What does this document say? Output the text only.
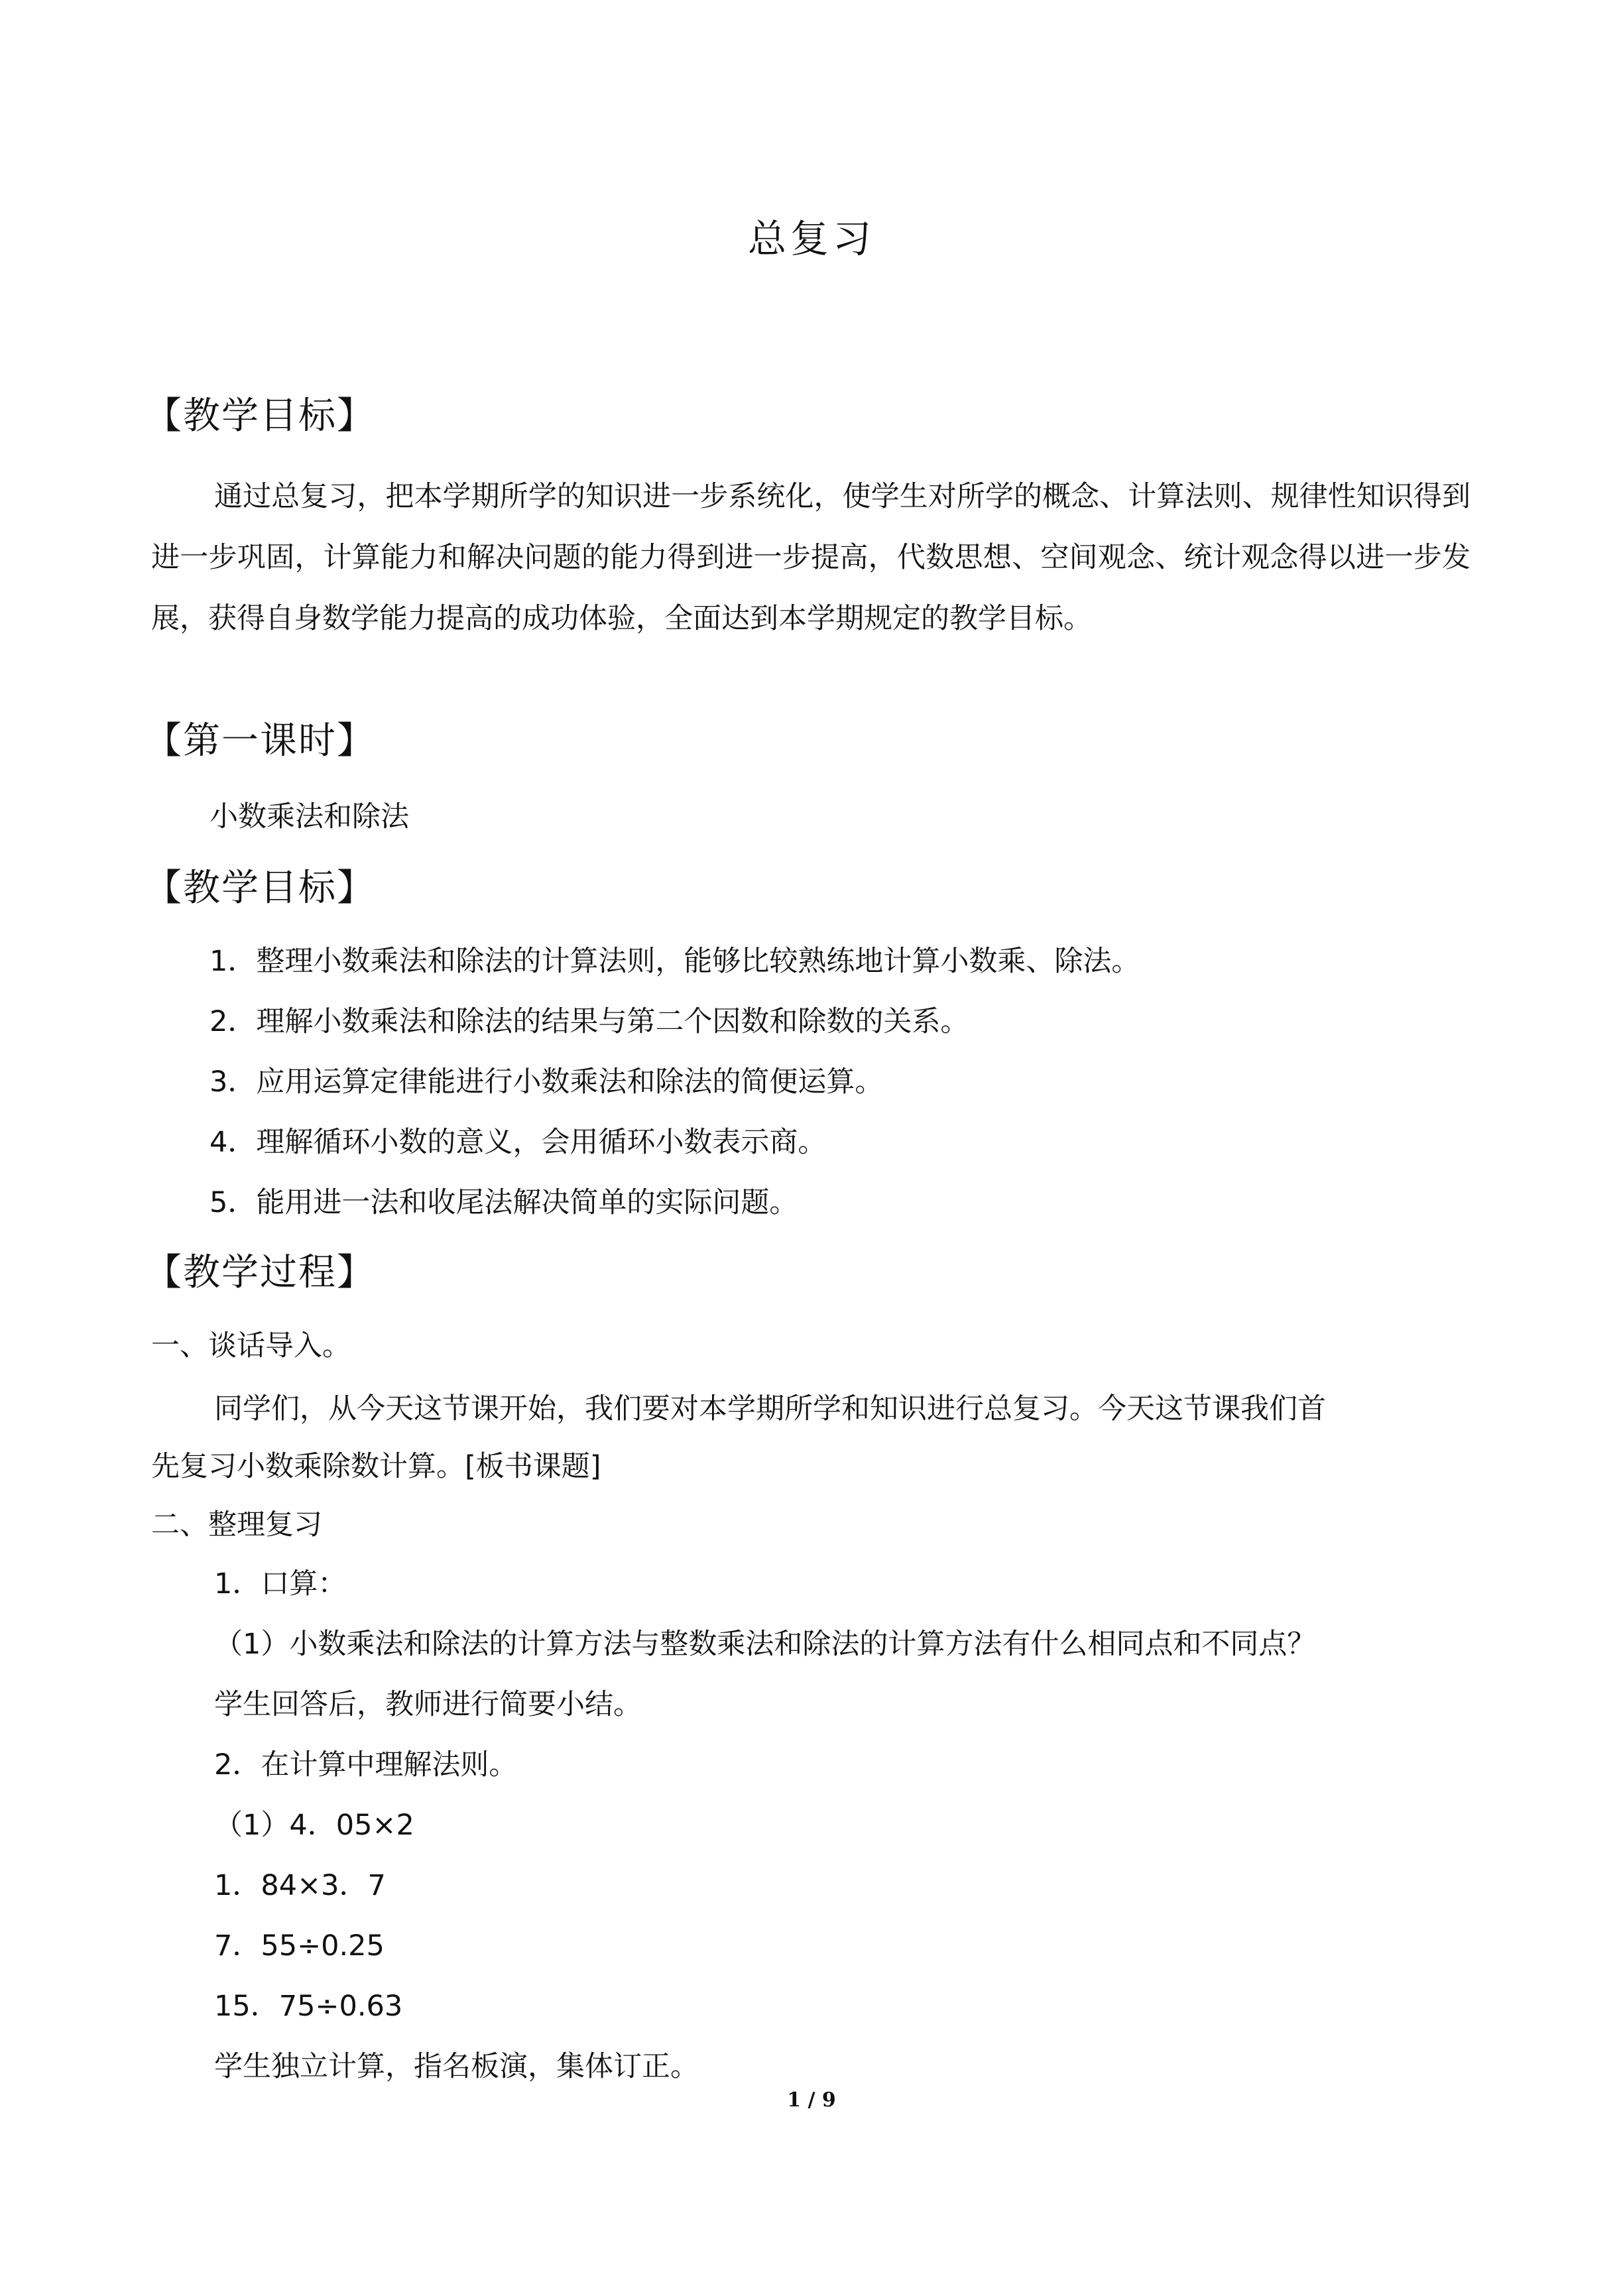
总复习
【教学目标】
通过总复习，把本学期所学的知识进一步系统化，使学生对所学的概念、计算法则、规律性知识得到进一步巩固，计算能力和解决问题的能力得到进一步提高，代数思想、空间观念、统计观念得以进一步发展，获得自身数学能力提高的成功体验，全面达到本学期规定的教学目标。
【第一课时】
小数乘法和除法
【教学目标】
1．整理小数乘法和除法的计算法则，能够比较熟练地计算小数乘、除法。
2．理解小数乘法和除法的结果与第二个因数和除数的关系。
3．应用运算定律能进行小数乘法和除法的简便运算。
4．理解循环小数的意义，会用循环小数表示商。
5．能用进一法和收尾法解决简单的实际问题。
【教学过程】
一、谈话导入。
同学们，从今天这节课开始，我们要对本学期所学和知识进行总复习。今天这节课我们首
先复习小数乘除数计算。[板书课题]
二、整理复习
1．口算：
（1）小数乘法和除法的计算方法与整数乘法和除法的计算方法有什么相同点和不同点？
学生回答后，教师进行简要小结。
2．在计算中理解法则。
（1）4．05×2
1．84×3．7
7．55÷0.25
15．75÷0.63
学生独立计算，指名板演，集体订正。
1 / 9
